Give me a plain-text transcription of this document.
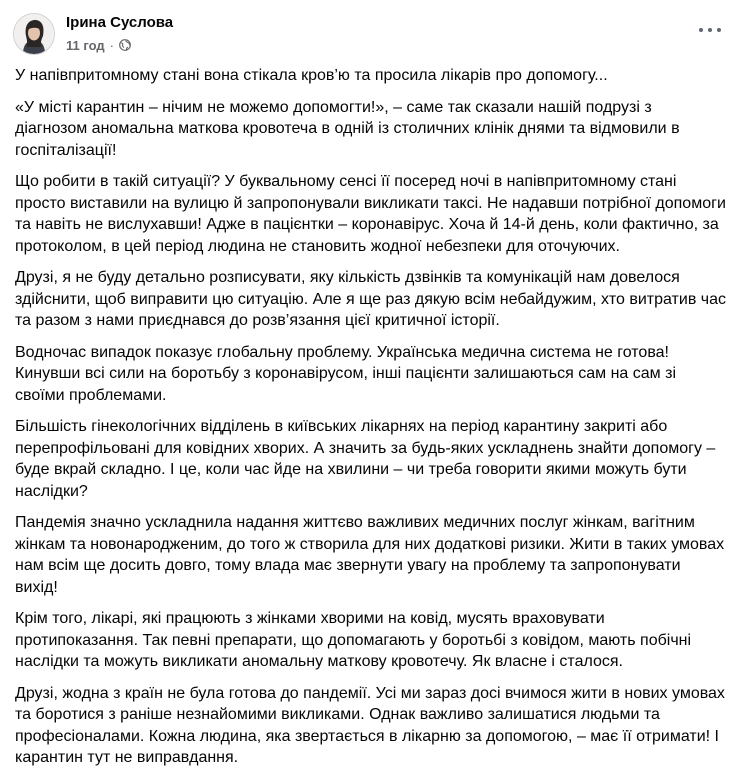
Ірина Суслова
11 год ·

У напівпритомному стані вона стікала кров’ю та просила лікарів про допомогу...

«У місті карантин – нічим не можемо допомогти!», – саме так сказали нашій подрузі з діагнозом аномальна маткова кровотеча в одній із столичних клінік днями та відмовили в госпіталізації!

Що робити в такій ситуації? У буквальному сенсі її посеред ночі в напівпритомному стані просто виставили на вулицю й запропонували викликати таксі. Не надавши потрібної допомоги та навіть не вислухавши! Адже в пацієнтки – коронавірус. Хоча й 14-й день, коли фактично, за протоколом, в цей період людина не становить жодної небезпеки для оточуючих.

Друзі, я не буду детально розписувати, яку кількість дзвінків та комунікацій нам довелося здійснити, щоб виправити цю ситуацію. Але я ще раз дякую всім небайдужим, хто витратив час та разом з нами приєднався до розв’язання цієї критичної історії.

Водночас випадок показує глобальну проблему. Українська медична система не готова! Кинувши всі сили на боротьбу з коронавірусом, інші пацієнти залишаються сам на сам зі своїми проблемами.

Більшість гінекологічних відділень в київських лікарнях на період карантину закриті або перепрофільовані для ковідних хворих. А значить за будь-яких ускладнень знайти допомогу – буде вкрай складно. І це, коли час йде на хвилини – чи треба говорити якими можуть бути наслідки?

Пандемія значно ускладнила надання життєво важливих медичних послуг жінкам, вагітним жінкам та новонародженим, до того ж створила для них додаткові ризики. Жити в таких умовах нам всім ще досить довго, тому влада має звернути увагу на проблему та запропонувати вихід!

Крім того, лікарі, які працюють з жінками хворими на ковід, мусять враховувати протипоказання. Так певні препарати, що допомагають у боротьбі з ковідом, мають побічні наслідки та можуть викликати аномальну маткову кровотечу. Як власне і сталося.

Друзі, жодна з країн не була готова до пандемії. Усі ми зараз досі вчимося жити в нових умовах та боротися з раніше незнайомими викликами. Однак важливо залишатися людьми та професіоналами. Кожна людина, яка звертається в лікарню за допомогою, – має її отримати! І карантин тут не виправдання.
